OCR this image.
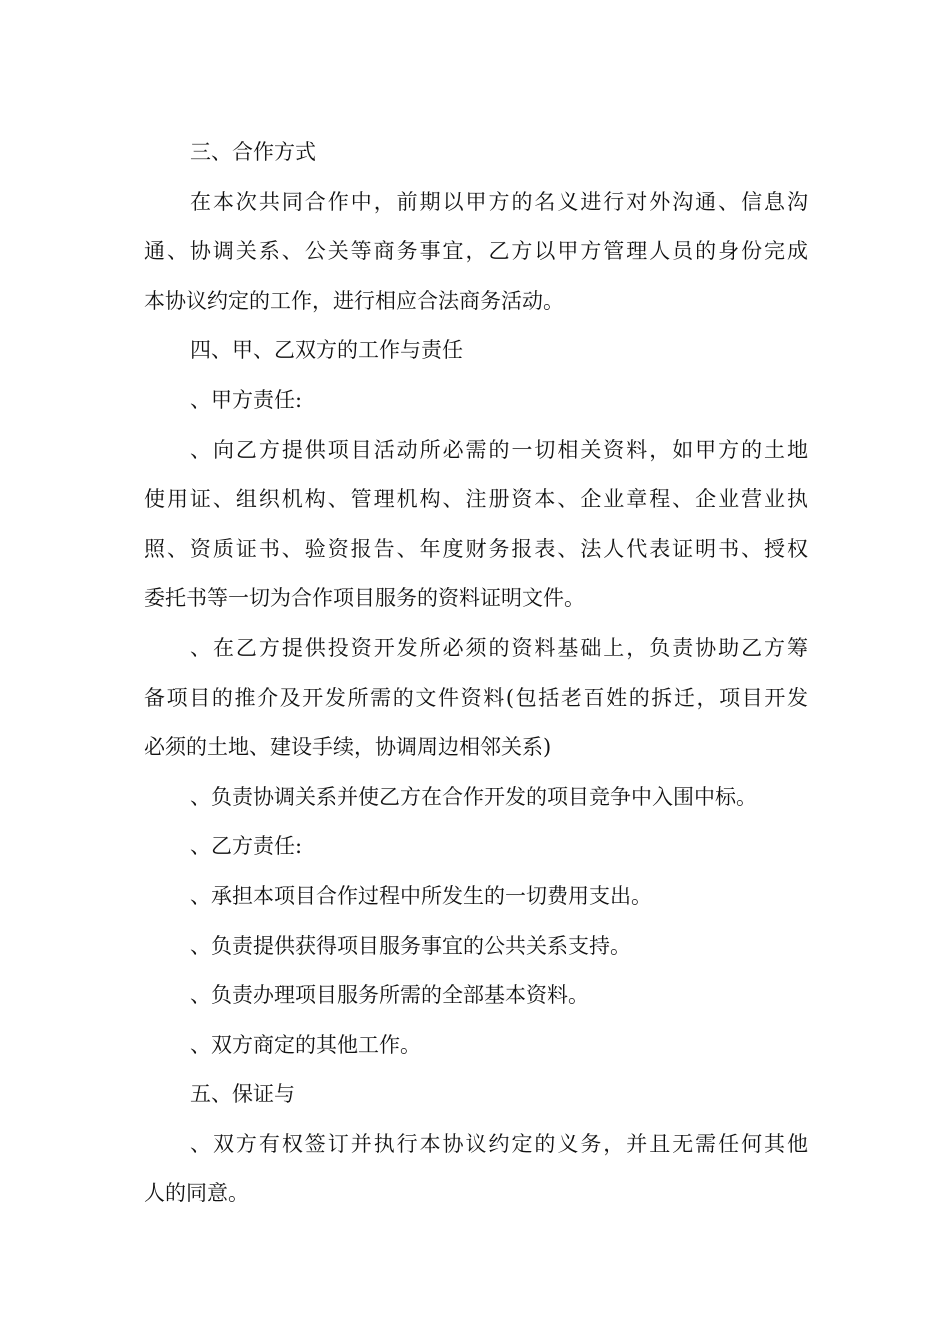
三、合作方式
在本次共同合作中，前期以甲方的名义进行对外沟通、信息沟
通、协调关系、公关等商务事宜，乙方以甲方管理人员的身份完成
本协议约定的工作，进行相应合法商务活动。
四、甲、乙双方的工作与责任
、甲方责任:
、向乙方提供项目活动所必需的一切相关资料，如甲方的土地
使用证、组织机构、管理机构、注册资本、企业章程、企业营业执
照、资质证书、验资报告、年度财务报表、法人代表证明书、授权
委托书等一切为合作项目服务的资料证明文件。
、在乙方提供投资开发所必须的资料基础上，负责协助乙方筹
备项目的推介及开发所需的文件资料(包括老百姓的拆迁，项目开发
必须的土地、建设手续，协调周边相邻关系)
、负责协调关系并使乙方在合作开发的项目竞争中入围中标。
、乙方责任:
、承担本项目合作过程中所发生的一切费用支出。
、负责提供获得项目服务事宜的公共关系支持。
、负责办理项目服务所需的全部基本资料。
、双方商定的其他工作。
五、保证与
、双方有权签订并执行本协议约定的义务，并且无需任何其他
人的同意。
